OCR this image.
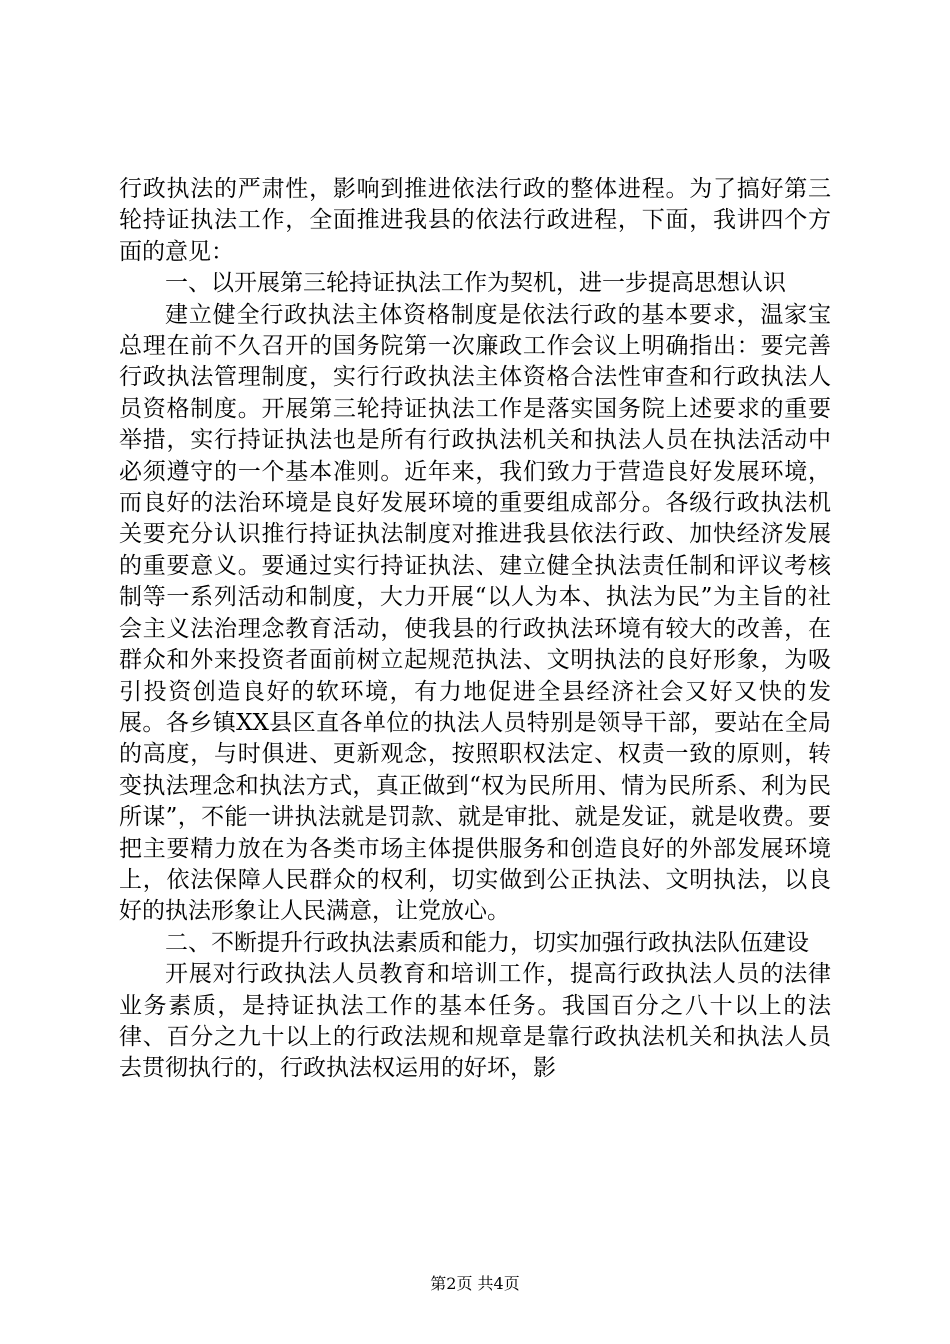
行政执法的严肃性，影响到推进依法行政的整体进程。为了搞好第三轮持证执法工作，全面推进我县的依法行政进程，下面，我讲四个方面的意见：

一、以开展第三轮持证执法工作为契机，进一步提高思想认识

建立健全行政执法主体资格制度是依法行政的基本要求，温家宝总理在前不久召开的国务院第一次廉政工作会议上明确指出：要完善行政执法管理制度，实行行政执法主体资格合法性审查和行政执法人员资格制度。开展第三轮持证执法工作是落实国务院上述要求的重要举措，实行持证执法也是所有行政执法机关和执法人员在执法活动中必须遵守的一个基本准则。近年来，我们致力于营造良好发展环境，而良好的法治环境是良好发展环境的重要组成部分。各级行政执法机关要充分认识推行持证执法制度对推进我县依法行政、加快经济发展的重要意义。要通过实行持证执法、建立健全执法责任制和评议考核制等一系列活动和制度，大力开展“以人为本、执法为民”为主旨的社会主义法治理念教育活动，使我县的行政执法环境有较大的改善，在群众和外来投资者面前树立起规范执法、文明执法的良好形象，为吸引投资创造良好的软环境，有力地促进全县经济社会又好又快的发展。各乡镇XX县区直各单位的执法人员特别是领导干部，要站在全局的高度，与时俱进、更新观念，按照职权法定、权责一致的原则，转变执法理念和执法方式，真正做到“权为民所用、情为民所系、利为民所谋”，不能一讲执法就是罚款、就是审批、就是发证，就是收费。要把主要精力放在为各类市场主体提供服务和创造良好的外部发展环境上，依法保障人民群众的权利，切实做到公正执法、文明执法，以良好的执法形象让人民满意，让党放心。

二、不断提升行政执法素质和能力，切实加强行政执法队伍建设

开展对行政执法人员教育和培训工作，提高行政执法人员的法律业务素质，是持证执法工作的基本任务。我国百分之八十以上的法律、百分之九十以上的行政法规和规章是靠行政执法机关和执法人员去贯彻执行的，行政执法权运用的好坏，影

第2页 共4页
